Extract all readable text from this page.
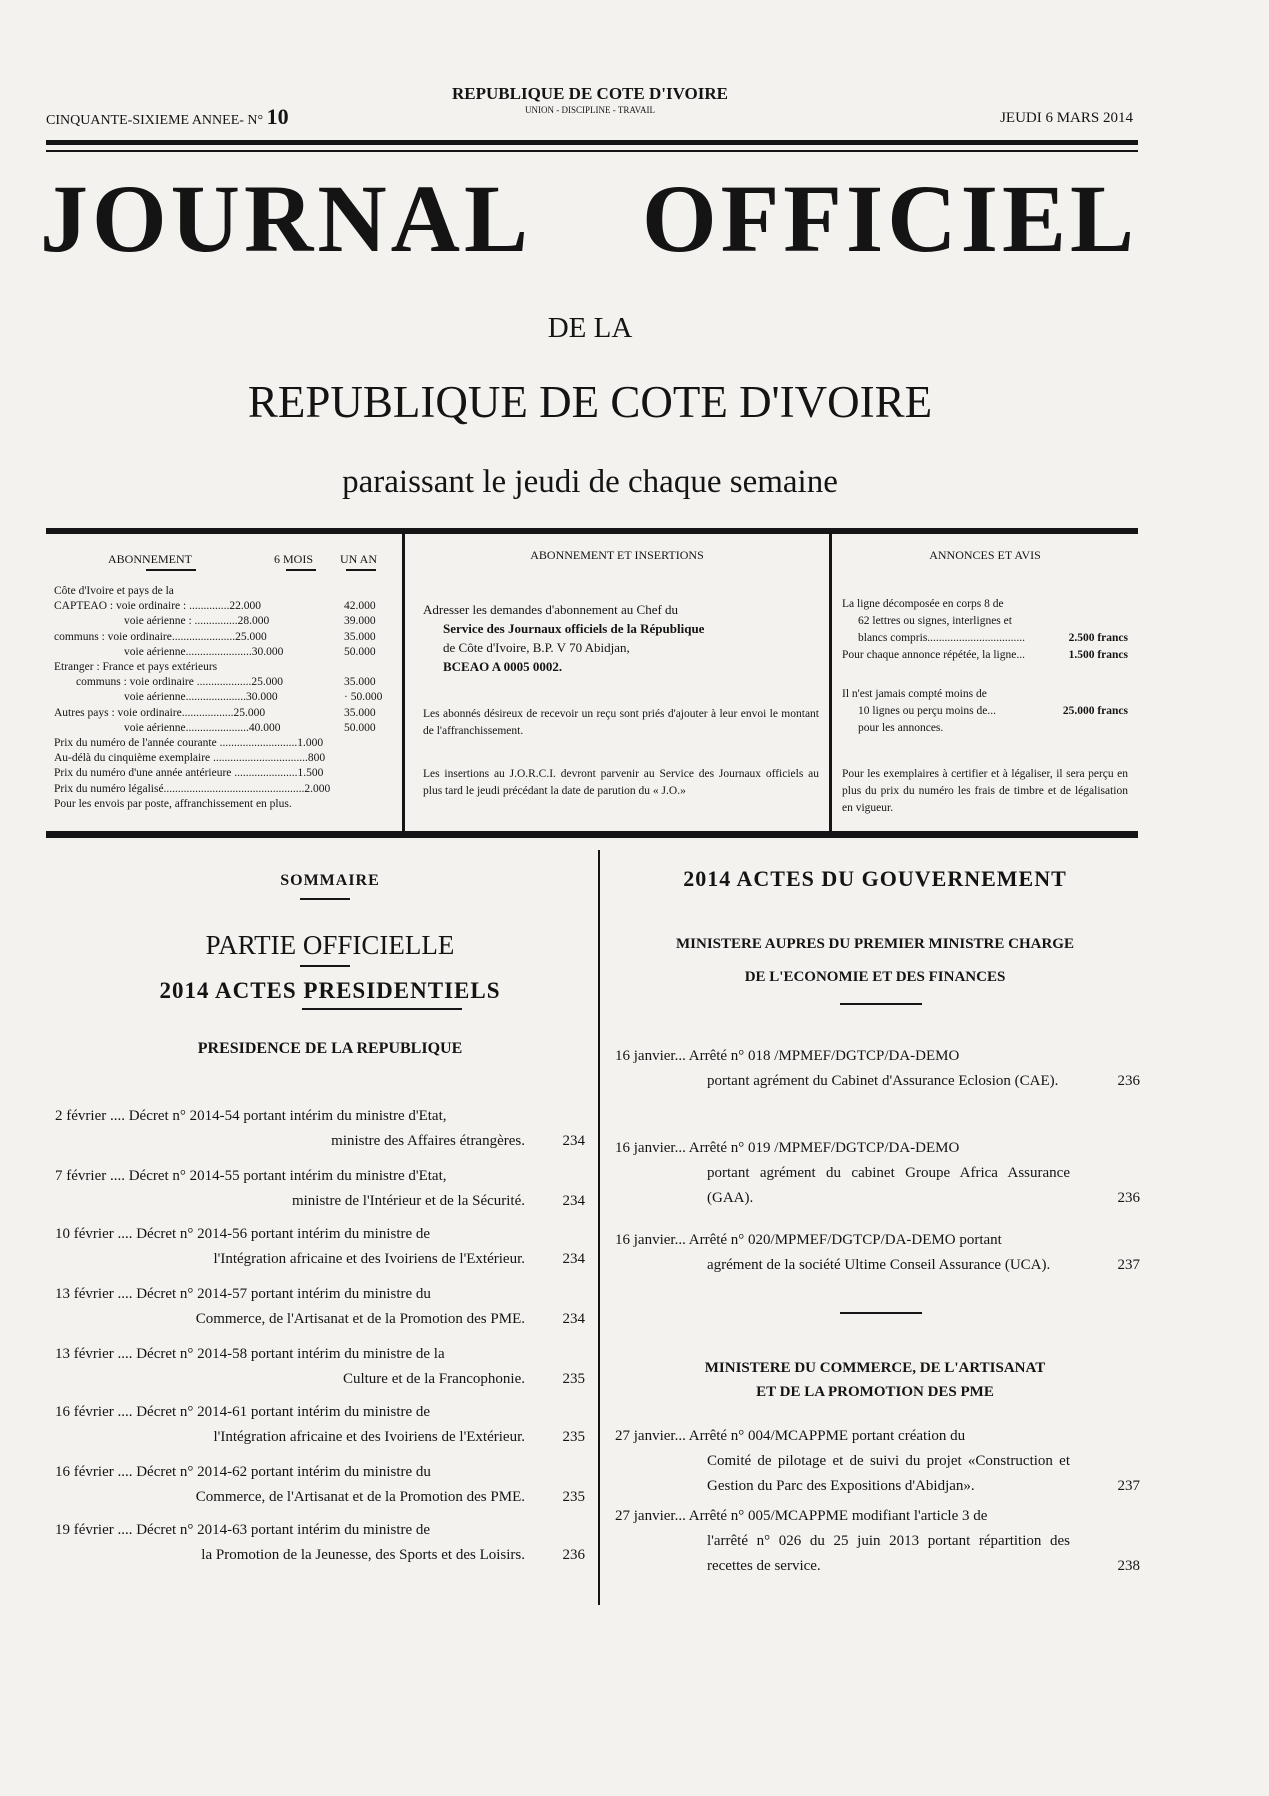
CINQUANTE-SIXIEME ANNEE- N° 10
REPUBLIQUE DE COTE D'IVOIRE
UNION - DISCIPLINE - TRAVAIL	JEUDI 6 MARS 2014
JOURNAL OFFICIEL
DE LA
REPUBLIQUE DE COTE D'IVOIRE
paraissant le jeudi de chaque semaine
ABONNEMENT	6 MOIS UN AN
Côte d'Ivoire et pays de la
CAPTEAO : voie ordinaire : ..............22.000	42.000
voie aérienne : ...............28.000	39.000
communs : voie ordinaire......................25.000	35.000
voie aérienne.......................30.000	50.000
Etranger : France et pays extérieurs
communs : voie ordinaire ...................25.000	35.000
voie aérienne.....................30.000	· 50.000
Autres pays : voie ordinaire..................25.000	35.000
voie aérienne......................40.000	50.000
Prix du numéro de l'année courante ...........................1.000
Au-délà du cinquième exemplaire .................................800
Prix du numéro d'une année antérieure ......................1.500
Prix du numéro légalisé.................................................2.000
Pour les envois par poste, affranchissement en plus.
ABONNEMENT ET INSERTIONS
Adresser les demandes d'abonnement au Chef du
Service des Journaux officiels de la République
de Côte d'Ivoire, B.P. V 70 Abidjan,
BCEAO A 0005 0002.
Les abonnés désireux de recevoir un reçu sont priés d'ajouter à leur envoi le montant de l'affranchissement.
Les insertions au J.O.R.C.I. devront parvenir au Service des Journaux officiels au plus tard le jeudi précédant la date de parution du « J.O.»
ANNONCES ET AVIS
La ligne décomposée en corps 8 de
62 lettres ou signes, interlignes et
blancs compris..................................	2.500 francs
Pour chaque annonce répétée, la ligne...	1.500 francs
Il n'est jamais compté moins de
10 lignes ou perçu moins de...	25.000 francs
pour les annonces.
Pour les exemplaires à certifier et à légaliser, il sera perçu en plus du prix du numéro les frais de timbre et de légalisation en vigueur.
SOMMAIRE
PARTIE OFFICIELLE
2014 ACTES PRESIDENTIELS
PRESIDENCE DE LA REPUBLIQUE
2 février .... Décret n° 2014-54 portant intérim du ministre d'Etat,
ministre des Affaires étrangères.	234
7 février .... Décret n° 2014-55 portant intérim du ministre d'Etat,
ministre de l'Intérieur et de la Sécurité.	234
10 février .... Décret n° 2014-56 portant intérim du ministre de
l'Intégration africaine et des Ivoiriens de l'Extérieur.	234
13 février .... Décret n° 2014-57 portant intérim du ministre du
Commerce, de l'Artisanat et de la Promotion des PME.	234
13 février .... Décret n° 2014-58 portant intérim du ministre de la
Culture et de la Francophonie.	235
16 février .... Décret n° 2014-61 portant intérim du ministre de
l'Intégration africaine et des Ivoiriens de l'Extérieur.	235
16 février .... Décret n° 2014-62 portant intérim du ministre du
Commerce, de l'Artisanat et de la Promotion des PME.	235
19 février .... Décret n° 2014-63 portant intérim du ministre de
la Promotion de la Jeunesse, des Sports et des Loisirs.	236
2014 ACTES DU GOUVERNEMENT
MINISTERE AUPRES DU PREMIER MINISTRE CHARGE
DE L'ECONOMIE ET DES FINANCES
16 janvier... Arrêté n° 018 /MPMEF/DGTCP/DA-DEMO
portant agrément du Cabinet d'Assurance Eclosion (CAE).	236
16 janvier... Arrêté n° 019 /MPMEF/DGTCP/DA-DEMO
portant agrément du cabinet Groupe Africa Assurance (GAA).	236
16 janvier... Arrêté n° 020/MPMEF/DGTCP/DA-DEMO portant
agrément de la société Ultime Conseil Assurance (UCA).	237
MINISTERE DU COMMERCE, DE L'ARTISANAT
ET DE LA PROMOTION DES PME
27 janvier... Arrêté n° 004/MCAPPME portant création du
Comité de pilotage et de suivi du projet «Construction et Gestion du Parc des Expositions d'Abidjan».	237
27 janvier... Arrêté n° 005/MCAPPME modifiant l'article 3 de
l'arrêté n° 026 du 25 juin 2013 portant répartition des recettes de service.	238
